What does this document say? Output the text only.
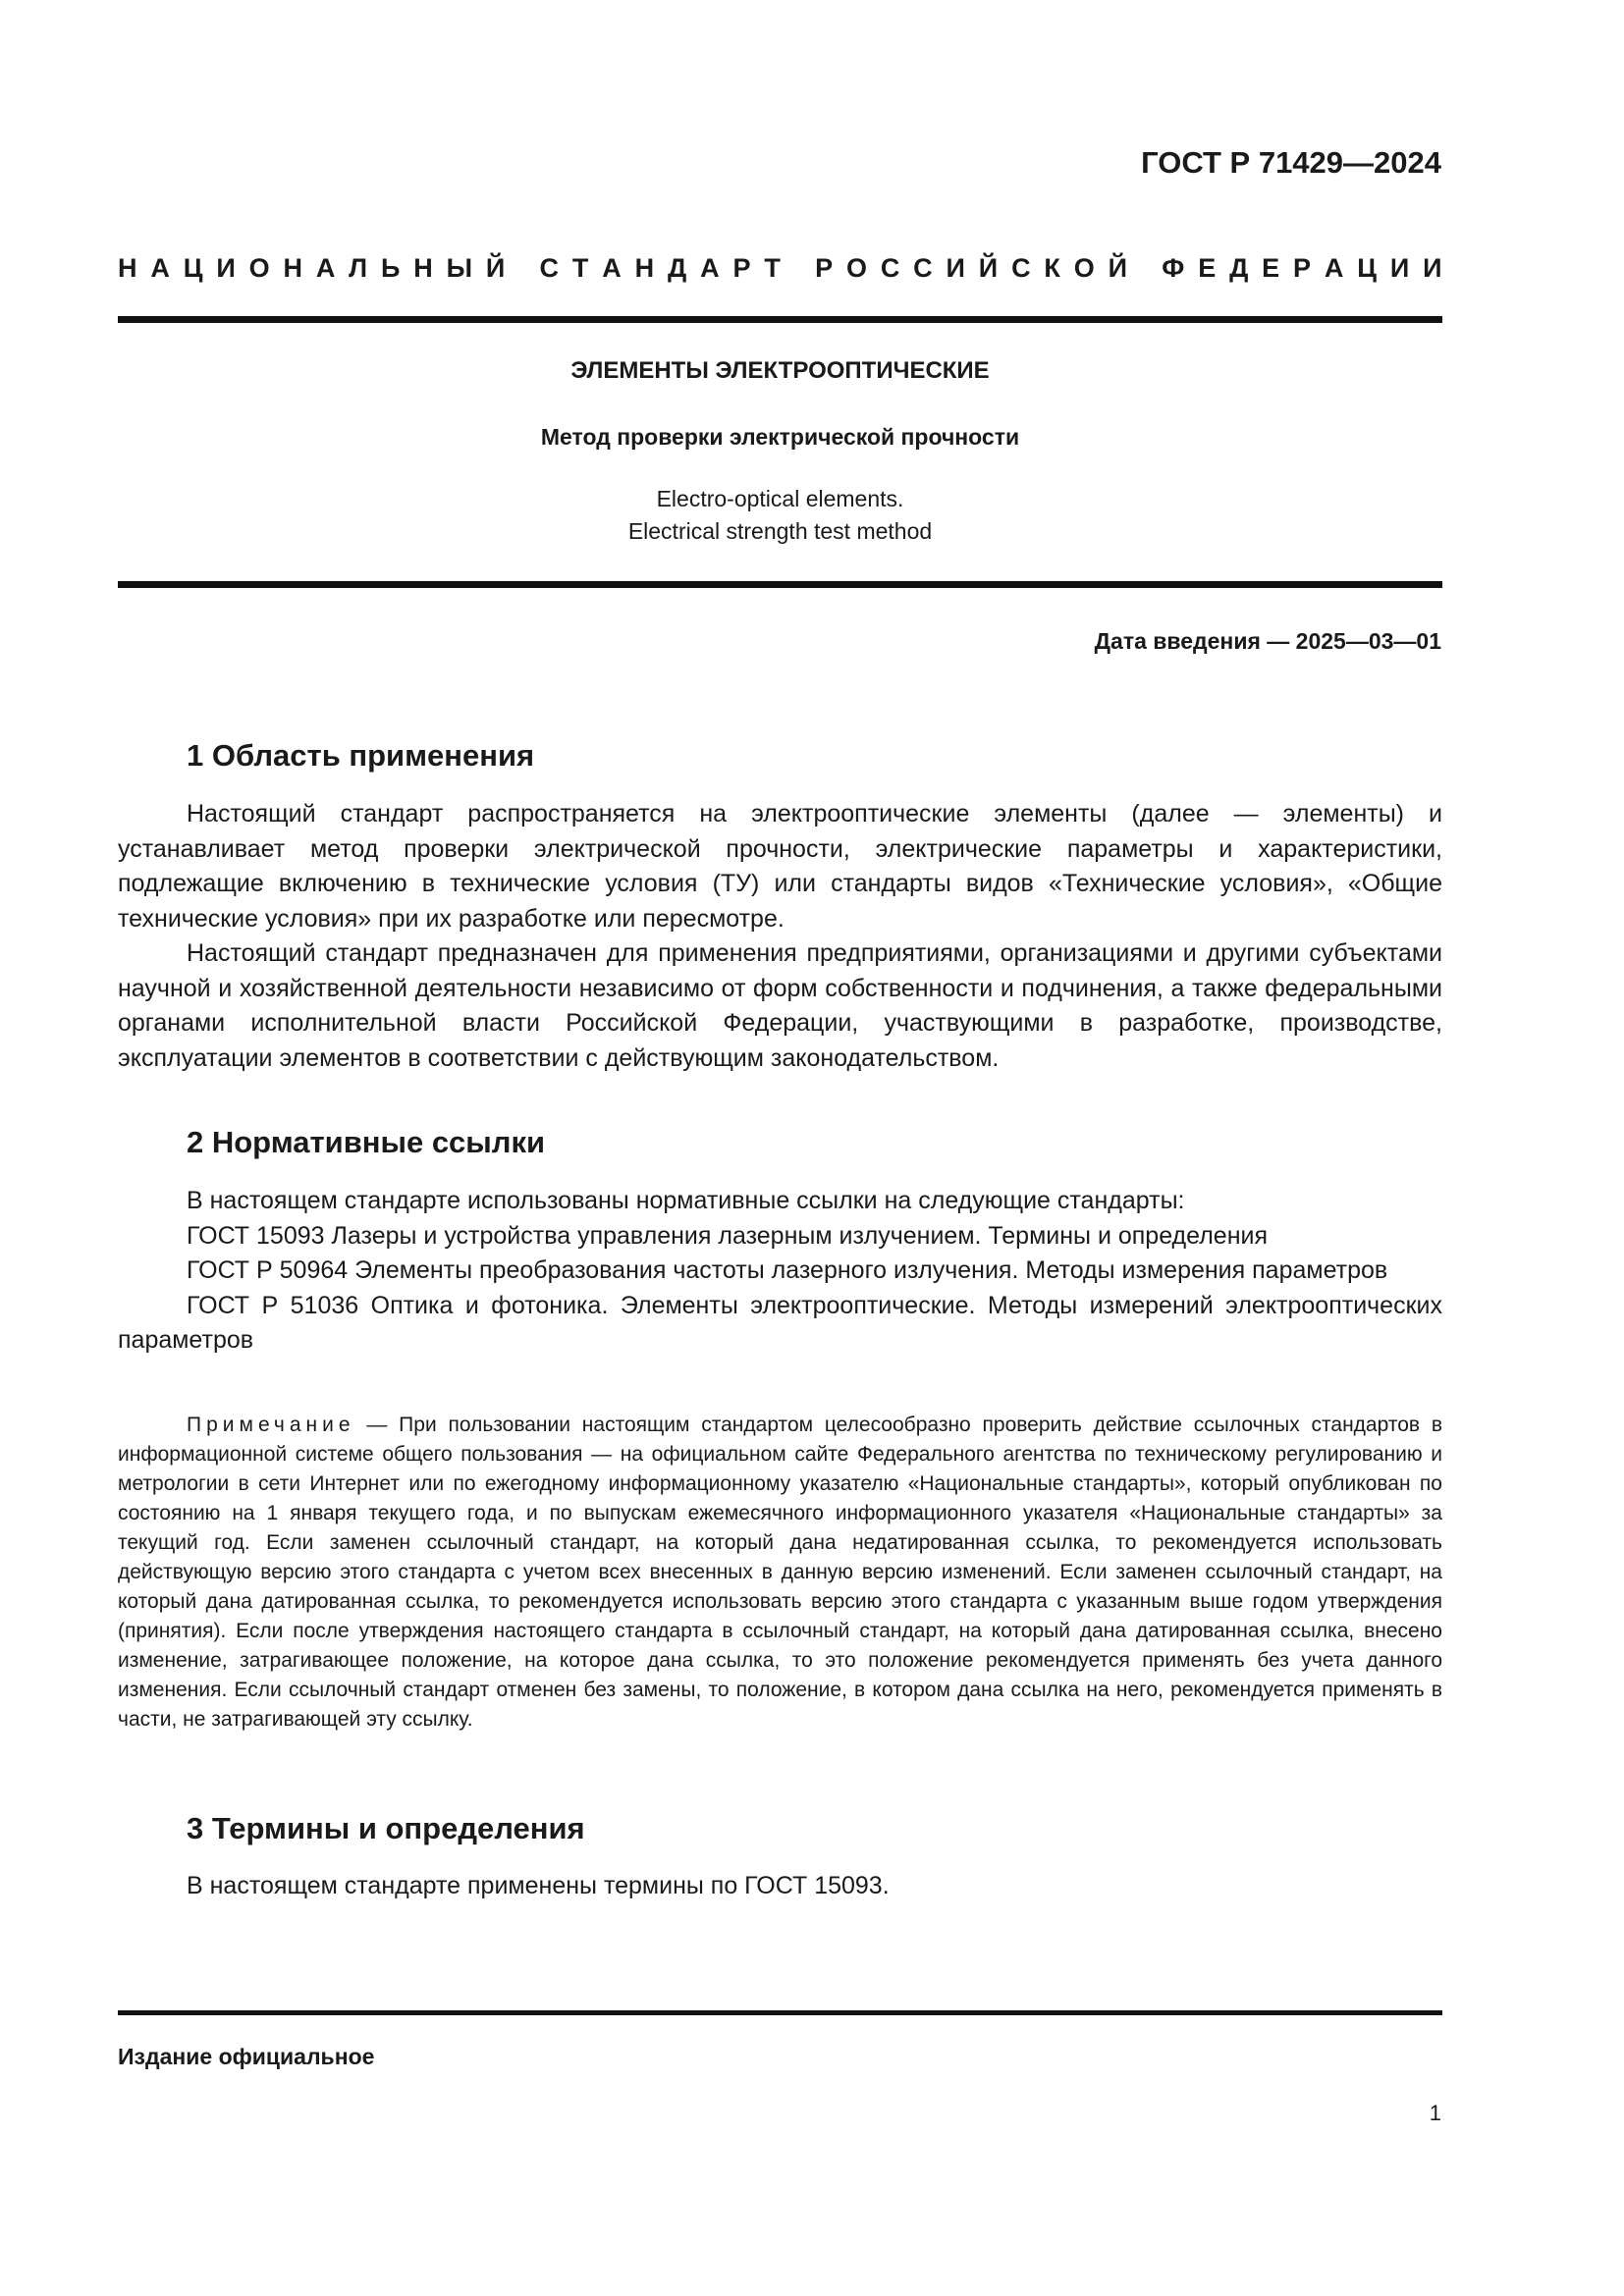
ГОСТ Р 71429—2024
Н А Ц И О Н А Л Ь Н Ы Й
С Т А Н Д А Р Т
Р О С С И Й С К О Й
Ф Е Д Е Р А Ц И И
ЭЛЕМЕНТЫ ЭЛЕКТРООПТИЧЕСКИЕ
Метод проверки электрической прочности
Electro-optical elements.
Electrical strength test method
Дата введения — 2025—03—01
1 Область применения

Настоящий стандарт распространяется на электрооптические элементы (далее — элементы) и устанавливает метод проверки электрической прочности, электрические параметры и характеристики, подлежащие включению в технические условия (ТУ) или стандарты видов «Технические условия», «Общие технические условия» при их разработке или пересмотре.

Настоящий стандарт предназначен для применения предприятиями, организациями и другими субъектами научной и хозяйственной деятельности независимо от форм собственности и подчинения, а также федеральными органами исполнительной власти Российской Федерации, участвующими в разработке, производстве, эксплуатации элементов в соответствии с действующим законодательством.

2 Нормативные ссылки

В настоящем стандарте использованы нормативные ссылки на следующие стандарты:

ГОСТ 15093 Лазеры и устройства управления лазерным излучением. Термины и определения

ГОСТ Р 50964 Элементы преобразования частоты лазерного излучения. Методы измерения параметров

ГОСТ Р 51036 Оптика и фотоника. Элементы электрооптические. Методы измерений электрооптических параметров

Примечание — При пользовании настоящим стандартом целесообразно проверить действие ссылочных стандартов в информационной системе общего пользования — на официальном сайте Федерального агентства по техническому регулированию и метрологии в сети Интернет или по ежегодному информационному указателю «Национальные стандарты», который опубликован по состоянию на 1 января текущего года, и по выпускам ежемесячного информационного указателя «Национальные стандарты» за текущий год. Если заменен ссылочный стандарт, на который дана недатированная ссылка, то рекомендуется использовать действующую версию этого стандарта с учетом всех внесенных в данную версию изменений. Если заменен ссылочный стандарт, на который дана датированная ссылка, то рекомендуется использовать версию этого стандарта с указанным выше годом утверждения (принятия). Если после утверждения настоящего стандарта в ссылочный стандарт, на который дана датированная ссылка, внесено изменение, затрагивающее положение, на которое дана ссылка, то это положение рекомендуется применять без учета данного изменения. Если ссылочный стандарт отменен без замены, то положение, в котором дана ссылка на него, рекомендуется применять в части, не затрагивающей эту ссылку.
3 Термины и определения

В настоящем стандарте применены термины по ГОСТ 15093.

Издание официальное
1
